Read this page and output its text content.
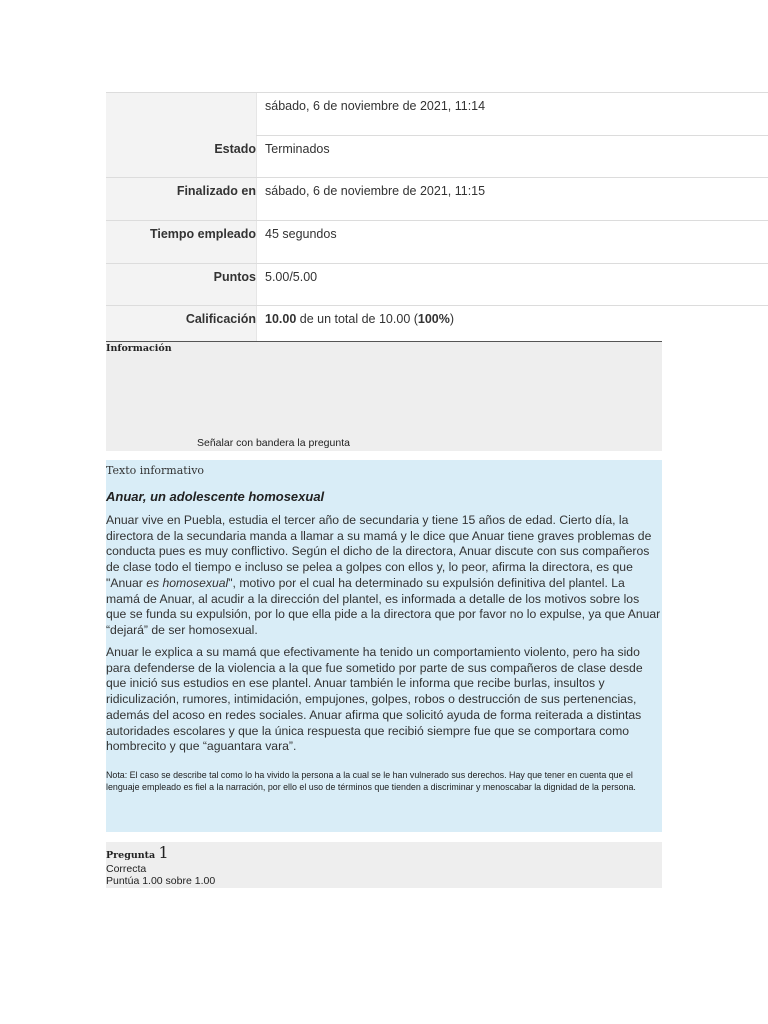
sábado, 6 de noviembre de 2021, 11:14
Estado Terminados
Finalizado en sábado, 6 de noviembre de 2021, 11:15
Tiempo empleado 45 segundos
Puntos 5.00/5.00
Calificación 10.00 de un total de 10.00 (100%)
Información
Señalar con bandera la pregunta
Texto informativo
Anuar, un adolescente homosexual

Anuar vive en Puebla, estudia el tercer año de secundaria y tiene 15 años de edad. Cierto día, la directora de la secundaria manda a llamar a su mamá y le dice que Anuar tiene graves problemas de conducta pues es muy conflictivo. Según el dicho de la directora, Anuar discute con sus compañeros de clase todo el tiempo e incluso se pelea a golpes con ellos y, lo peor, afirma la directora, es que "Anuar es homosexual", motivo por el cual ha determinado su expulsión definitiva del plantel. La mamá de Anuar, al acudir a la dirección del plantel, es informada a detalle de los motivos sobre los que se funda su expulsión, por lo que ella pide a la directora que por favor no lo expulse, ya que Anuar “dejará” de ser homosexual.

Anuar le explica a su mamá que efectivamente ha tenido un comportamiento violento, pero ha sido para defenderse de la violencia a la que fue sometido por parte de sus compañeros de clase desde que inició sus estudios en ese plantel. Anuar también le informa que recibe burlas, insultos y ridiculización, rumores, intimidación, empujones, golpes, robos o destrucción de sus pertenencias, además del acoso en redes sociales. Anuar afirma que solicitó ayuda de forma reiterada a distintas autoridades escolares y que la única respuesta que recibió siempre fue que se comportara como hombrecito y que “aguantara vara”.

Nota: El caso se describe tal como lo ha vivido la persona a la cual se le han vulnerado sus derechos. Hay que tener en cuenta que el lenguaje empleado es fiel a la narración, por ello el uso de términos que tienden a discriminar y menoscabar la dignidad de la persona.

Pregunta 1
Correcta
Puntúa 1.00 sobre 1.00
